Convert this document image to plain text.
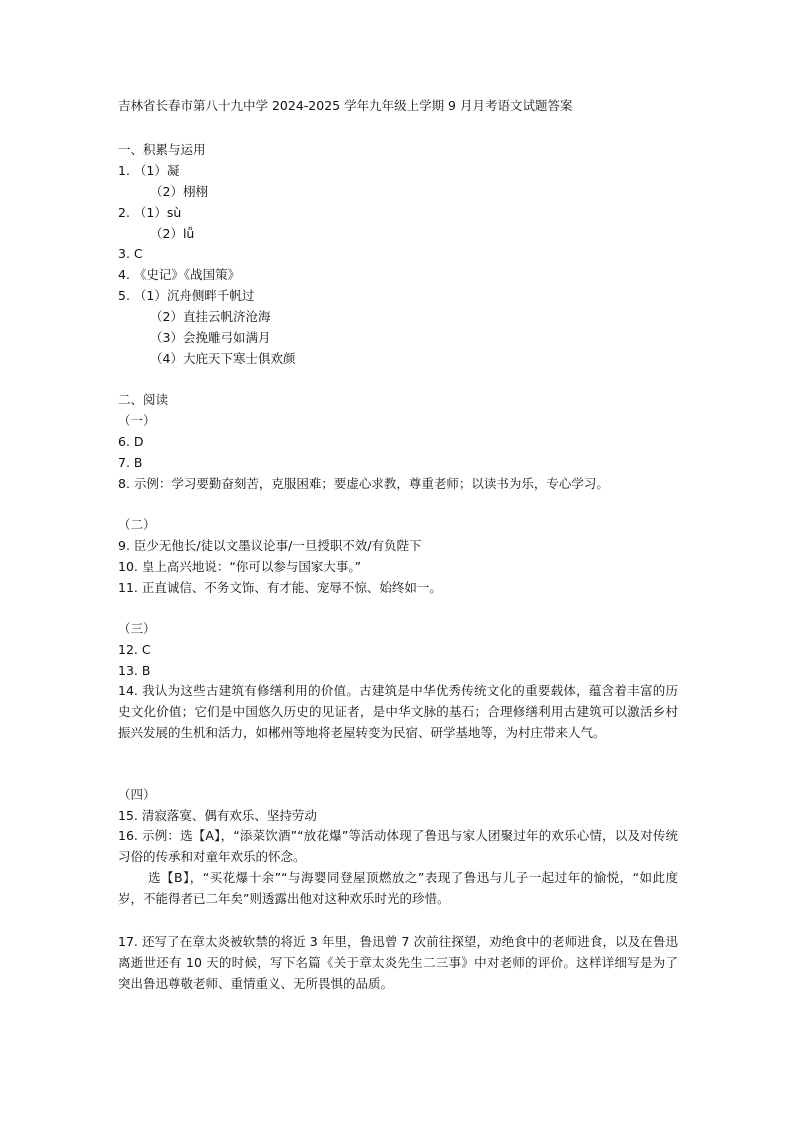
吉林省长春市第八十九中学 2024-2025 学年九年级上学期 9 月月考语文试题答案
一、积累与运用
1. （1）凝
（2）栩栩
2. （1）sù
（2）lǚ
3. C
4. 《史记》《战国策》
5. （1）沉舟侧畔千帆过
（2）直挂云帆济沧海
（3）会挽雕弓如满月
（4）大庇天下寒士俱欢颜
二、阅读
（一）
6. D
7. B
8. 示例：学习要勤奋刻苦，克服困难；要虚心求教，尊重老师；以读书为乐，专心学习。
（二）
9. 臣少无他长/徒以文墨议论事/一旦授职不效/有负陛下
10. 皇上高兴地说：“你可以参与国家大事。”
11. 正直诚信、不务文饰、有才能、宠辱不惊、始终如一。
（三）
12. C
13. B
14. 我认为这些古建筑有修缮利用的价值。古建筑是中华优秀传统文化的重要载体，蕴含着丰富的历史文化价值；它们是中国悠久历史的见证者，是中华文脉的基石；合理修缮利用古建筑可以激活乡村振兴发展的生机和活力，如郴州等地将老屋转变为民宿、研学基地等，为村庄带来人气。
（四）
15. 清寂落寞、偶有欢乐、坚持劳动
16. 示例：选【A】，“添菜饮酒”“放花爆”等活动体现了鲁迅与家人团聚过年的欢乐心情，以及对传统习俗的传承和对童年欢乐的怀念。
选【B】，“买花爆十余”“与海婴同登屋顶燃放之”表现了鲁迅与儿子一起过年的愉悦，“如此度岁，不能得者已二年矣”则透露出他对这种欢乐时光的珍惜。
17. 还写了在章太炎被软禁的将近 3 年里，鲁迅曾 7 次前往探望，劝绝食中的老师进食，以及在鲁迅离逝世还有 10 天的时候，写下名篇《关于章太炎先生二三事》中对老师的评价。这样详细写是为了突出鲁迅尊敬老师、重情重义、无所畏惧的品质。
